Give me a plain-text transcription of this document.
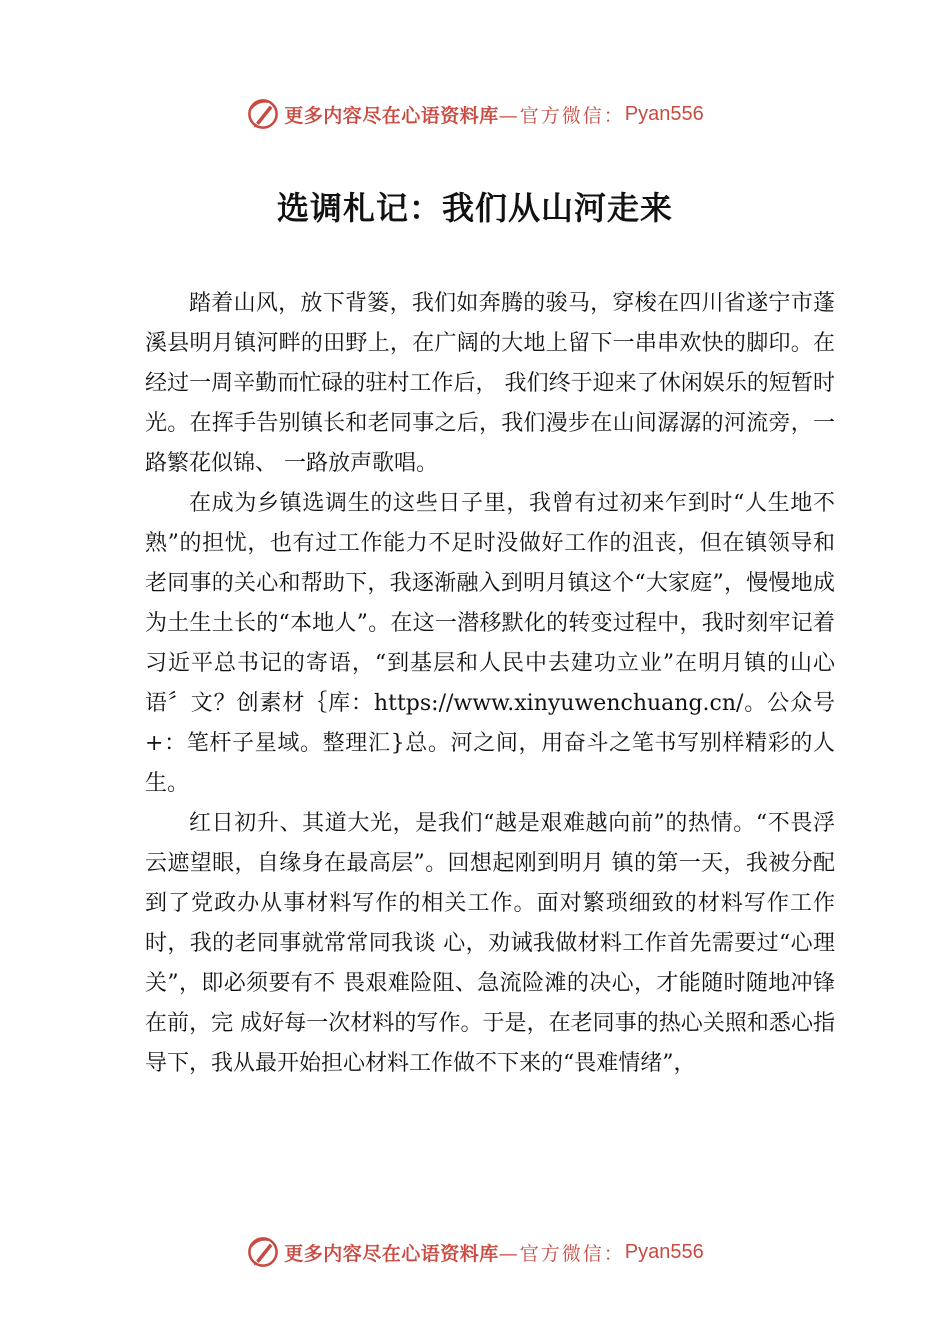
更多内容尽在心语资料库 —官方微信： Pyan556
选调札记：我们从山河走来

踏着山风，放下背篓，我们如奔腾的骏马，穿梭在四川省遂宁市蓬溪县明月镇河畔的田野上，在广阔的大地上留下一串串欢快的脚印。在经过一周辛勤而忙碌的驻村工作后， 我们终于迎来了休闲娱乐的短暂时光。在挥手告别镇长和老同事之后，我们漫步在山间潺潺的河流旁，一路繁花似锦、 一路放声歌唱。

在成为乡镇选调生的这些日子里，我曾有过初来乍到时“人生地不熟”的担忧，也有过工作能力不足时没做好工作的沮丧，但在镇领导和老同事的关心和帮助下，我逐渐融入到明月镇这个“大家庭”，慢慢地成为土生土长的“本地人”。在这一潜移默化的转变过程中，我时刻牢记着习近平总书记的寄语，“到基层和人民中去建功立业”在明月镇的山心语〞文？创素材｛库：https://www.xinyuwenchuang.cn/。公众号+：笔杆子星域。整理汇}总。河之间，用奋斗之笔书写别样精彩的人生。

红日初升、其道大光，是我们“越是艰难越向前”的热情。“不畏浮云遮望眼，自缘身在最高层”。回想起刚到明月 镇的第一天，我被分配到了党政办从事材料写作的相关工作。面对繁琐细致的材料写作工作时，我的老同事就常常同我谈 心，劝诫我做材料工作首先需要过“心理关”，即必须要有不 畏艰难险阻、急流险滩的决心，才能随时随地冲锋在前，完 成好每一次材料的写作。于是，在老同事的热心关照和悉心指导下，我从最开始担心材料工作做不下来的“畏难情绪”，

更多内容尽在心语资料库 —官方微信： Pyan556
